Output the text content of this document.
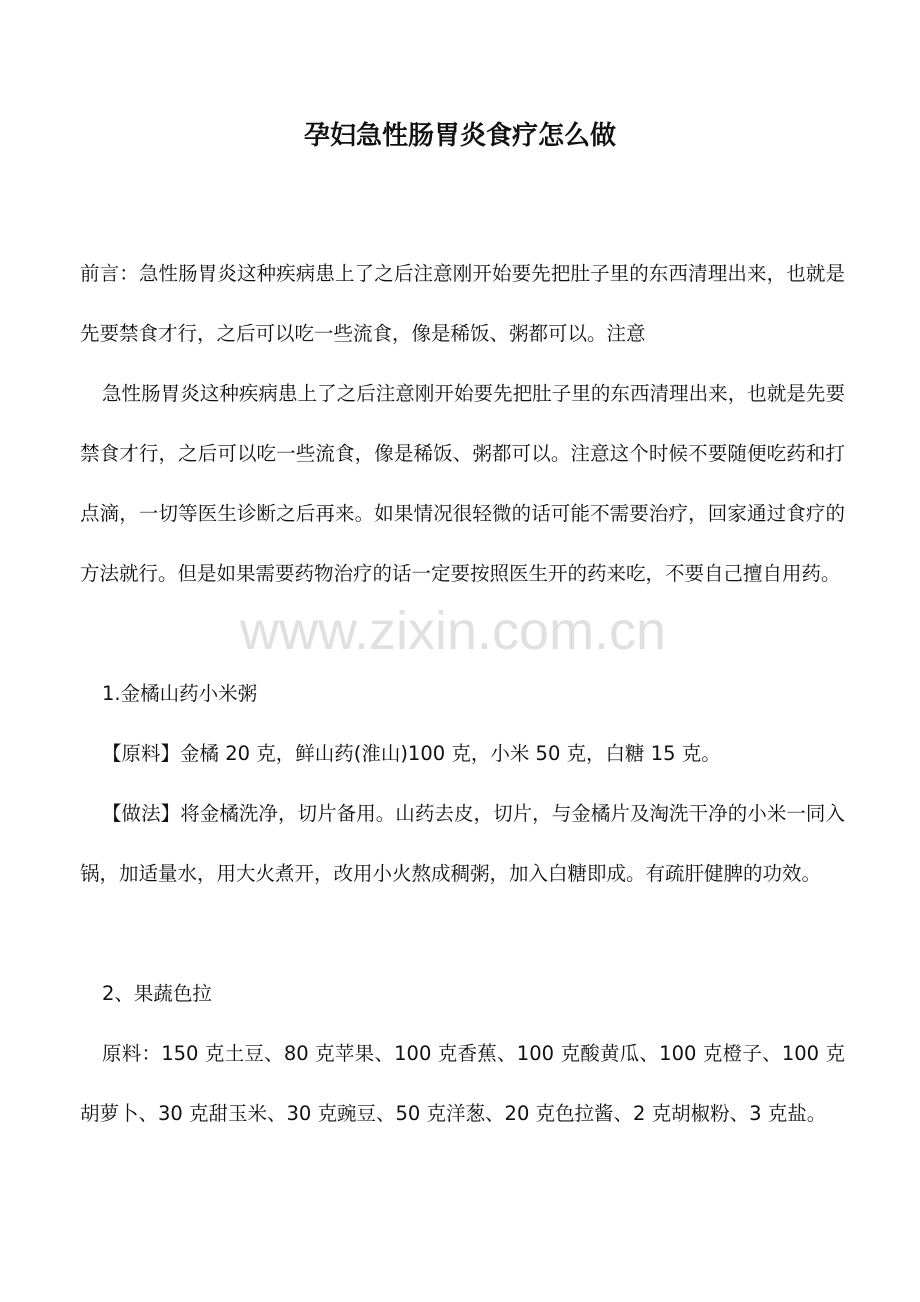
孕妇急性肠胃炎食疗怎么做

前言：急性肠胃炎这种疾病患上了之后注意刚开始要先把肚子里的东西清理出来，也就是先要禁食才行，之后可以吃一些流食，像是稀饭、粥都可以。注意

急性肠胃炎这种疾病患上了之后注意刚开始要先把肚子里的东西清理出来，也就是先要禁食才行，之后可以吃一些流食，像是稀饭、粥都可以。注意这个时候不要随便吃药和打点滴，一切等医生诊断之后再来。如果情况很轻微的话可能不需要治疗，回家通过食疗的方法就行。但是如果需要药物治疗的话一定要按照医生开的药来吃，不要自己擅自用药。

1.金橘山药小米粥

【原料】金橘 20 克，鲜山药(淮山)100 克，小米 50 克，白糖 15 克。

【做法】将金橘洗净，切片备用。山药去皮，切片，与金橘片及淘洗干净的小米一同入锅，加适量水，用大火煮开，改用小火熬成稠粥，加入白糖即成。有疏肝健脾的功效。

2、果蔬色拉

原料：150 克土豆、80 克苹果、100 克香蕉、100 克酸黄瓜、100 克橙子、100 克胡萝卜、30 克甜玉米、30 克豌豆、50 克洋葱、20 克色拉酱、2 克胡椒粉、3 克盐。

www.zixin.com.cn
